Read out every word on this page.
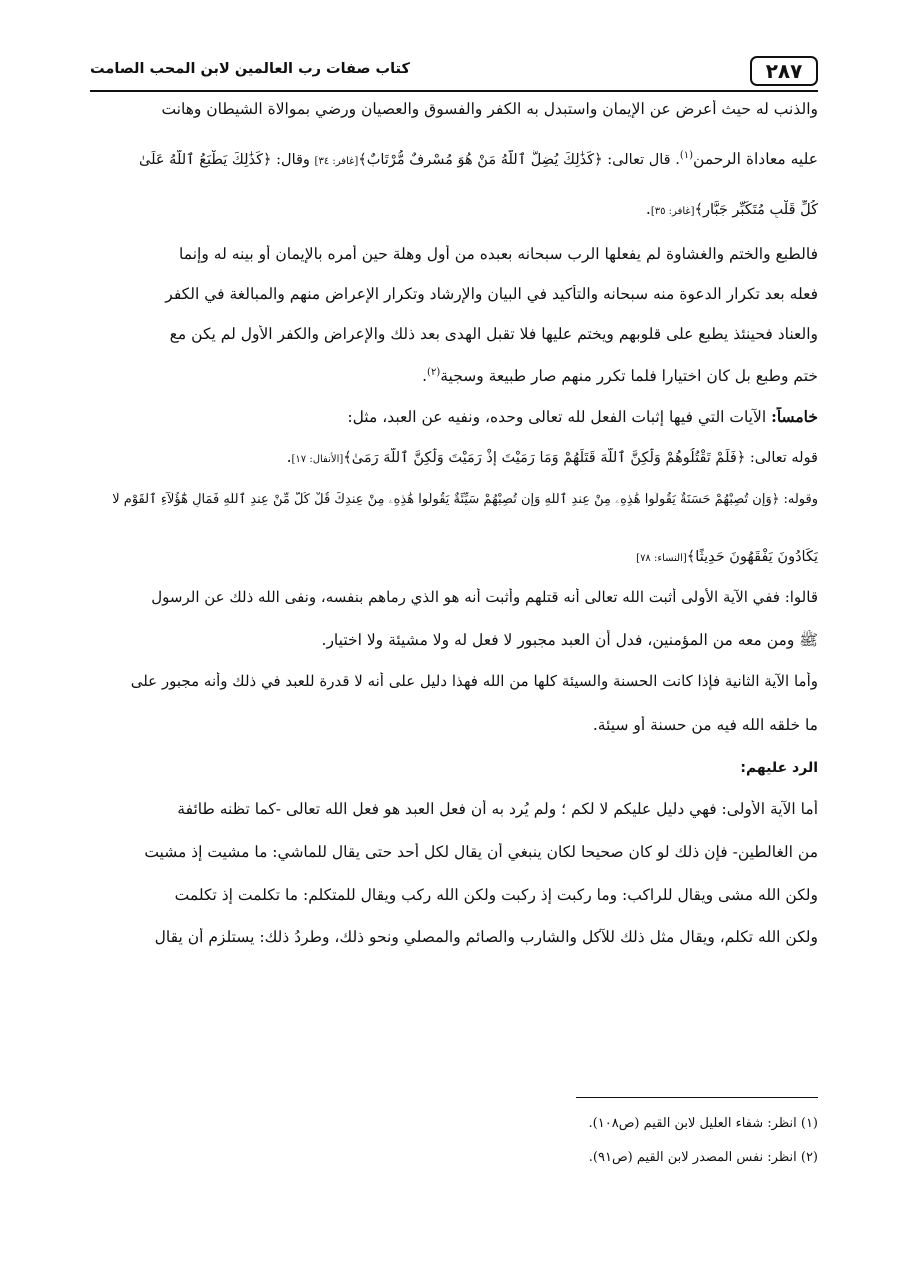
٢٨٧
كتاب صفات رب العالمين لابن المحب الصامت
والذنب له حيث أعرض عن الإيمان واستبدل به الكفر والفسوق والعصيان ورضي بموالاة الشيطان وهانت
عليه معاداة الرحمن$^{(١)}$. قال تعالى: ﴿كَذَٰلِكَ يُضِلُّ ٱللَّهُ مَنْ هُوَ مُسْرِفٌ مُّرْتَابٌ﴾[غافر: ٣٤] وقال: ﴿كَذَٰلِكَ يَطْبَعُ ٱللَّهُ عَلَىٰ
كُلِّ قَلْبِ مُتَكَبِّرٍ جَبَّارٍ﴾[غافر: ٣٥].
فالطبع والختم والغشاوة لم يفعلها الرب سبحانه بعبده من أول وهلة حين أمره بالإيمان أو بينه له وإنما
فعله بعد تكرار الدعوة منه سبحانه والتأكيد في البيان والإرشاد وتكرار الإعراض منهم والمبالغة في الكفر
والعناد فحينئذ يطبع على قلوبهم ويختم عليها فلا تقبل الهدى بعد ذلك والإعراض والكفر الأول لم يكن مع
ختم وطبع بل كان اختيارا فلما تكرر منهم صار طبيعة وسجية$^{(٢)}$.
خامساً: الآيات التي فيها إثبات الفعل لله تعالى وحده، ونفيه عن العبد، مثل:
قوله تعالى: ﴿فَلَمْ تَقْتُلُوهُمْ وَلَٰكِنَّ ٱللَّهَ قَتَلَهُمْ وَمَا رَمَيْتَ إِذْ رَمَيْتَ وَلَٰكِنَّ ٱللَّهَ رَمَىٰ﴾[الأنفال: ١٧].
وقوله: ﴿وَإِن تُصِبْهُمْ حَسَنَةٌ يَقُولُواْ هَٰذِهِۦ مِنْ عِندِ ٱللَّهِ وَإِن تُصِبْهُمْ سَيِّئَةٌ يَقُولُواْ هَٰذِهِۦ مِنْ عِندِكَ قُلْ كُلٌّ مِّنْ عِندِ ٱللَّهِ فَمَالِ هَٰٓؤُلَآءِ ٱلْقَوْمِ لَا
يَكَادُونَ يَفْقَهُونَ حَدِيثًا﴾[النساء: ٧٨]
قالوا: ففي الآية الأولى أثبت الله تعالى أنه قتلهم وأثبت أنه هو الذي رماهم بنفسه، ونفى الله ذلك عن الرسول
ﷺ ومن معه من المؤمنين، فدل أن العبد مجبور لا فعل له ولا مشيئة ولا اختيار.
وأما الآية الثانية فإذا كانت الحسنة والسيئة كلها من الله فهذا دليل على أنه لا قدرة للعبد في ذلك وأنه مجبور على
ما خلقه الله فيه من حسنة أو سيئة.
الرد عليهم:
أما الآية الأولى: فهي دليل عليكم لا لكم ؛ ولم يُرد به أن فعل العبد هو فعل الله تعالى -كما تظنه طائفة
من الغالطين- فإن ذلك لو كان صحيحا لكان ينبغي أن يقال لكل أحد حتى يقال للماشي: ما مشيت إذ مشيت
ولكن الله مشى ويقال للراكب: وما ركبت إذ ركبت ولكن الله ركب ويقال للمتكلم: ما تكلمت إذ تكلمت
ولكن الله تكلم، ويقال مثل ذلك للآكل والشارب والصائم والمصلي ونحو ذلك، وطردُ ذلك: يستلزم أن يقال
(١) انظر: شفاء العليل لابن القيم (ص١٠٨).
(٢) انظر: نفس المصدر لابن القيم (ص٩١).
